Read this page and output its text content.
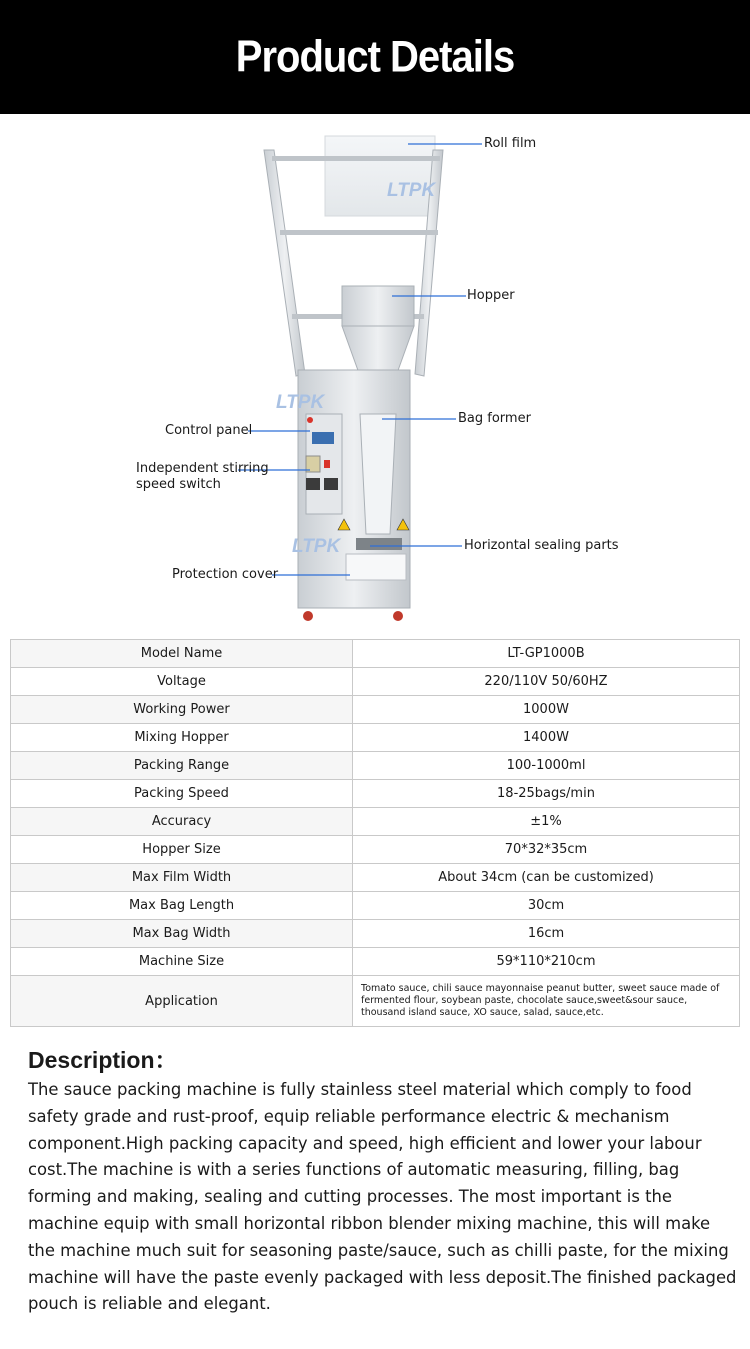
Product Details
LTPK
LTPK
LTPK
Roll film
Hopper
Bag former
Control panel
Independent stirring
speed switch
Horizontal sealing parts
Protection cover
Model Name	LT-GP1000B
Voltage	220/110V 50/60HZ
Working Power	1000W
Mixing Hopper	1400W
Packing Range	100-1000ml
Packing Speed	18-25bags/min
Accuracy	±1%
Hopper Size	70*32*35cm
Max Film Width	About 34cm (can be customized)
Max Bag Length	30cm
Max Bag Width	16cm
Machine Size	59*110*210cm
Application	Tomato sauce, chili sauce mayonnaise peanut butter, sweet sauce made of fermented flour, soybean paste, chocolate sauce,sweet&sour sauce, thousand island sauce, XO sauce, salad, sauce,etc.
Description：

The sauce packing machine is fully stainless steel material which comply to food safety grade and rust-proof, equip reliable performance electric & mechanism component.High packing capacity and speed, high efficient and lower your labour cost.The machine is with a series functions of automatic measuring, filling, bag forming and making, sealing and cutting processes. The most important is the machine equip with small horizontal ribbon blender mixing machine, this will make the machine much suit for seasoning paste/sauce, such as chilli paste, for the mixing machine will have the paste evenly packaged with less deposit.The finished packaged pouch is reliable and elegant.
